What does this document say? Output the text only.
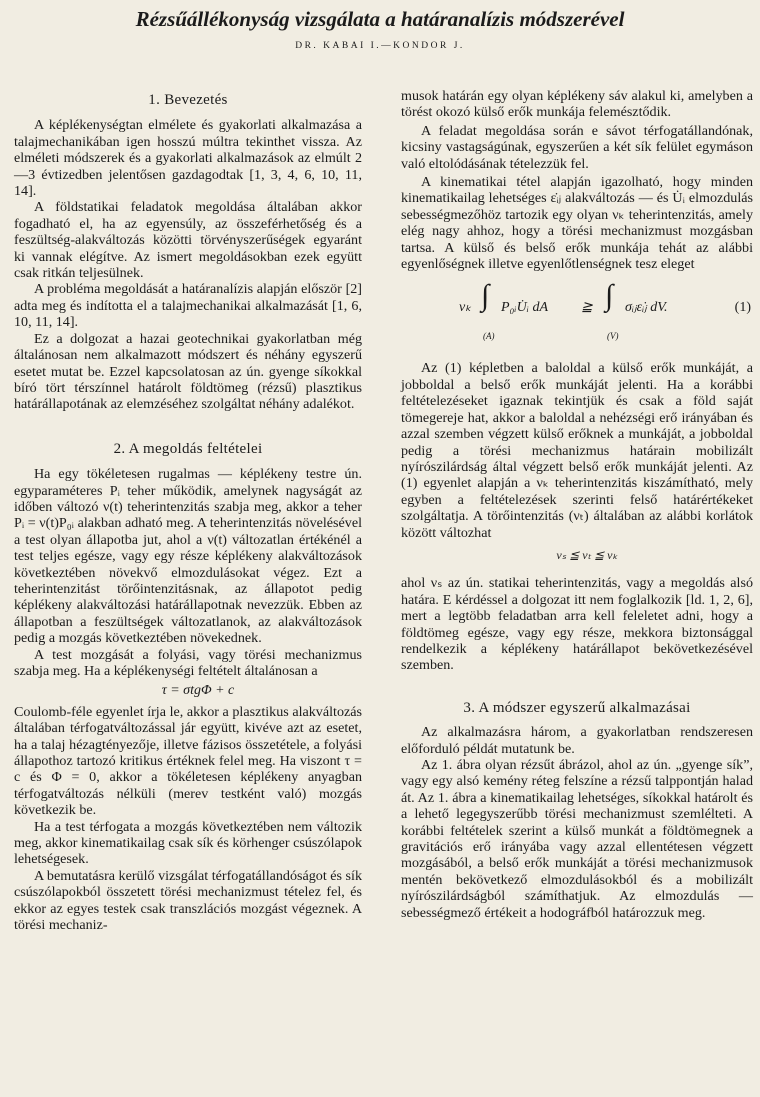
Rézsűállékonyság vizsgálata a határanalízis módszerével

DR. KABAI I.—KONDOR J.

1. Bevezetés

A képlékenységtan elmélete és gyakorlati alkalmazása a talajmechanikában igen hosszú múltra tekinthet vissza. Az elméleti módszerek és a gyakorlati alkalmazások az elmúlt 2—3 évtizedben jelentősen gazdagodtak [1, 3, 4, 6, 10, 11, 14].

A földstatikai feladatok megoldása általában akkor fogadható el, ha az egyensúly, az összeférhetőség és a feszültség-alakváltozás közötti törvényszerűségek egyaránt ki vannak elégítve. Az ismert megoldásokban ezek együtt csak ritkán teljesülnek.

A probléma megoldását a határanalízis alapján először [2] adta meg és indította el a talajmechanikai alkalmazását [1, 6, 10, 11, 14].

Ez a dolgozat a hazai geotechnikai gyakorlatban még általánosan nem alkalmazott módszert és néhány egyszerű esetet mutat be. Ezzel kapcsolatosan az ún. gyenge síkokkal bíró tört térszínnel határolt földtömeg (rézsű) plasztikus határállapotának az elemzéséhez szolgáltat néhány adalékot.

2. A megoldás feltételei

Ha egy tökéletesen rugalmas — képlékeny testre ún. egyparaméteres Pᵢ teher működik, amelynek nagyságát az időben változó ν(t) teherintenzitás szabja meg, akkor a teher Pᵢ = ν(t)P₀ᵢ alakban adható meg. A teherintenzitás növelésével a test olyan állapotba jut, ahol a ν(t) változatlan értékénél a test teljes egésze, vagy egy része képlékeny alakváltozások következtében növekvő elmozdulásokat végez. Ezt a teherintenzitást törőintenzitásnak, az állapotot pedig képlékeny alakváltozási határállapotnak nevezzük. Ebben az állapotban a feszültségek változatlanok, az alakváltozások pedig a mozgás következtében növekednek.

A test mozgását a folyási, vagy törési mechanizmus szabja meg. Ha a képlékenységi feltételt általánosan a

τ = σtgΦ + c

Coulomb-féle egyenlet írja le, akkor a plasztikus alakváltozás általában térfogatváltozással jár együtt, kivéve azt az esetet, ha a talaj hézagtényezője, illetve fázisos összetétele, a folyási állapothoz tartozó kritikus értéknek felel meg. Ha viszont τ = c és Φ = 0, akkor a tökéletesen képlékeny anyagban térfogatváltozás nélküli (merev testként való) mozgás következik be.

Ha a test térfogata a mozgás következtében nem változik meg, akkor kinematikailag csak sík és körhenger csúszólapok lehetségesek.

A bemutatásra kerülő vizsgálat térfogatállandóságot és sík csúszólapokból összetett törési mechanizmust tételez fel, és ekkor az egyes testek csak transzlációs mozgást végeznek. A törési mechaniz-

musok határán egy olyan képlékeny sáv alakul ki, amelyben a törést okozó külső erők munkája felemésztődik.

A feladat megoldása során e sávot térfogatállandónak, kicsiny vastagságúnak, egyszerűen a két sík felület egymáson való eltolódásának tételezzük fel.

A kinematikai tétel alapján igazolható, hogy minden kinematikailag lehetséges ε̇ᵢⱼ alakváltozás — és U̇ᵢ elmozdulás sebességmezőhöz tartozik egy olyan νₖ teherintenzitás, amely elég nagy ahhoz, hogy a törési mechanizmust mozgásban tartsa. A külső és belső erők munkája tehát az alábbi egyenlőségnek illetve egyenlőtlenségnek tesz eleget

νₖ ∫ P₀ᵢU̇ᵢ dA
(A)
≧ ∫ σᵢⱼε̇ᵢⱼ dV.
(V)
(1)

Az (1) képletben a baloldal a külső erők munkáját, a jobboldal a belső erők munkáját jelenti. Ha a korábbi feltételezéseket igaznak tekintjük és csak a föld saját tömegereje hat, akkor a baloldal a nehézségi erő irányában és azzal szemben végzett külső erőknek a munkáját, a jobboldal pedig a törési mechanizmus határain mobilizált nyírószilárdság által végzett belső erők munkáját jelenti. Az (1) egyenlet alapján a νₖ teherintenzitás kiszámítható, mely egyben a feltételezések szerinti felső határértékeket szolgáltatja. A törőintenzitás (νₜ) általában az alábbi korlátok között változhat

νₛ ≦ νₜ ≦ νₖ

ahol νₛ az ún. statikai teherintenzitás, vagy a megoldás alsó határa. E kérdéssel a dolgozat itt nem foglalkozik [ld. 1, 2, 6], mert a legtöbb feladatban arra kell feleletet adni, hogy a földtömeg egésze, vagy egy része, mekkora biztonsággal rendelkezik a képlékeny határállapot bekövetkezésével szemben.

3. A módszer egyszerű alkalmazásai

Az alkalmazásra három, a gyakorlatban rendszeresen előforduló példát mutatunk be.

Az 1. ábra olyan rézsűt ábrázol, ahol az ún. „gyenge sík”, vagy egy alsó kemény réteg felszíne a rézsű talppontján halad át. Az 1. ábra a kinematikailag lehetséges, síkokkal határolt és a lehető legegyszerűbb törési mechanizmust szemlélteti. A korábbi feltételek szerint a külső munkát a földtömegnek a gravitációs erő irányába vagy azzal ellentétesen végzett mozgásából, a belső erők munkáját a törési mechanizmusok mentén bekövetkező elmozdulásokból és a mobilizált nyírószilárdságból számíthatjuk. Az elmozdulás — sebességmező értékeit a hodográfból határozzuk meg.
